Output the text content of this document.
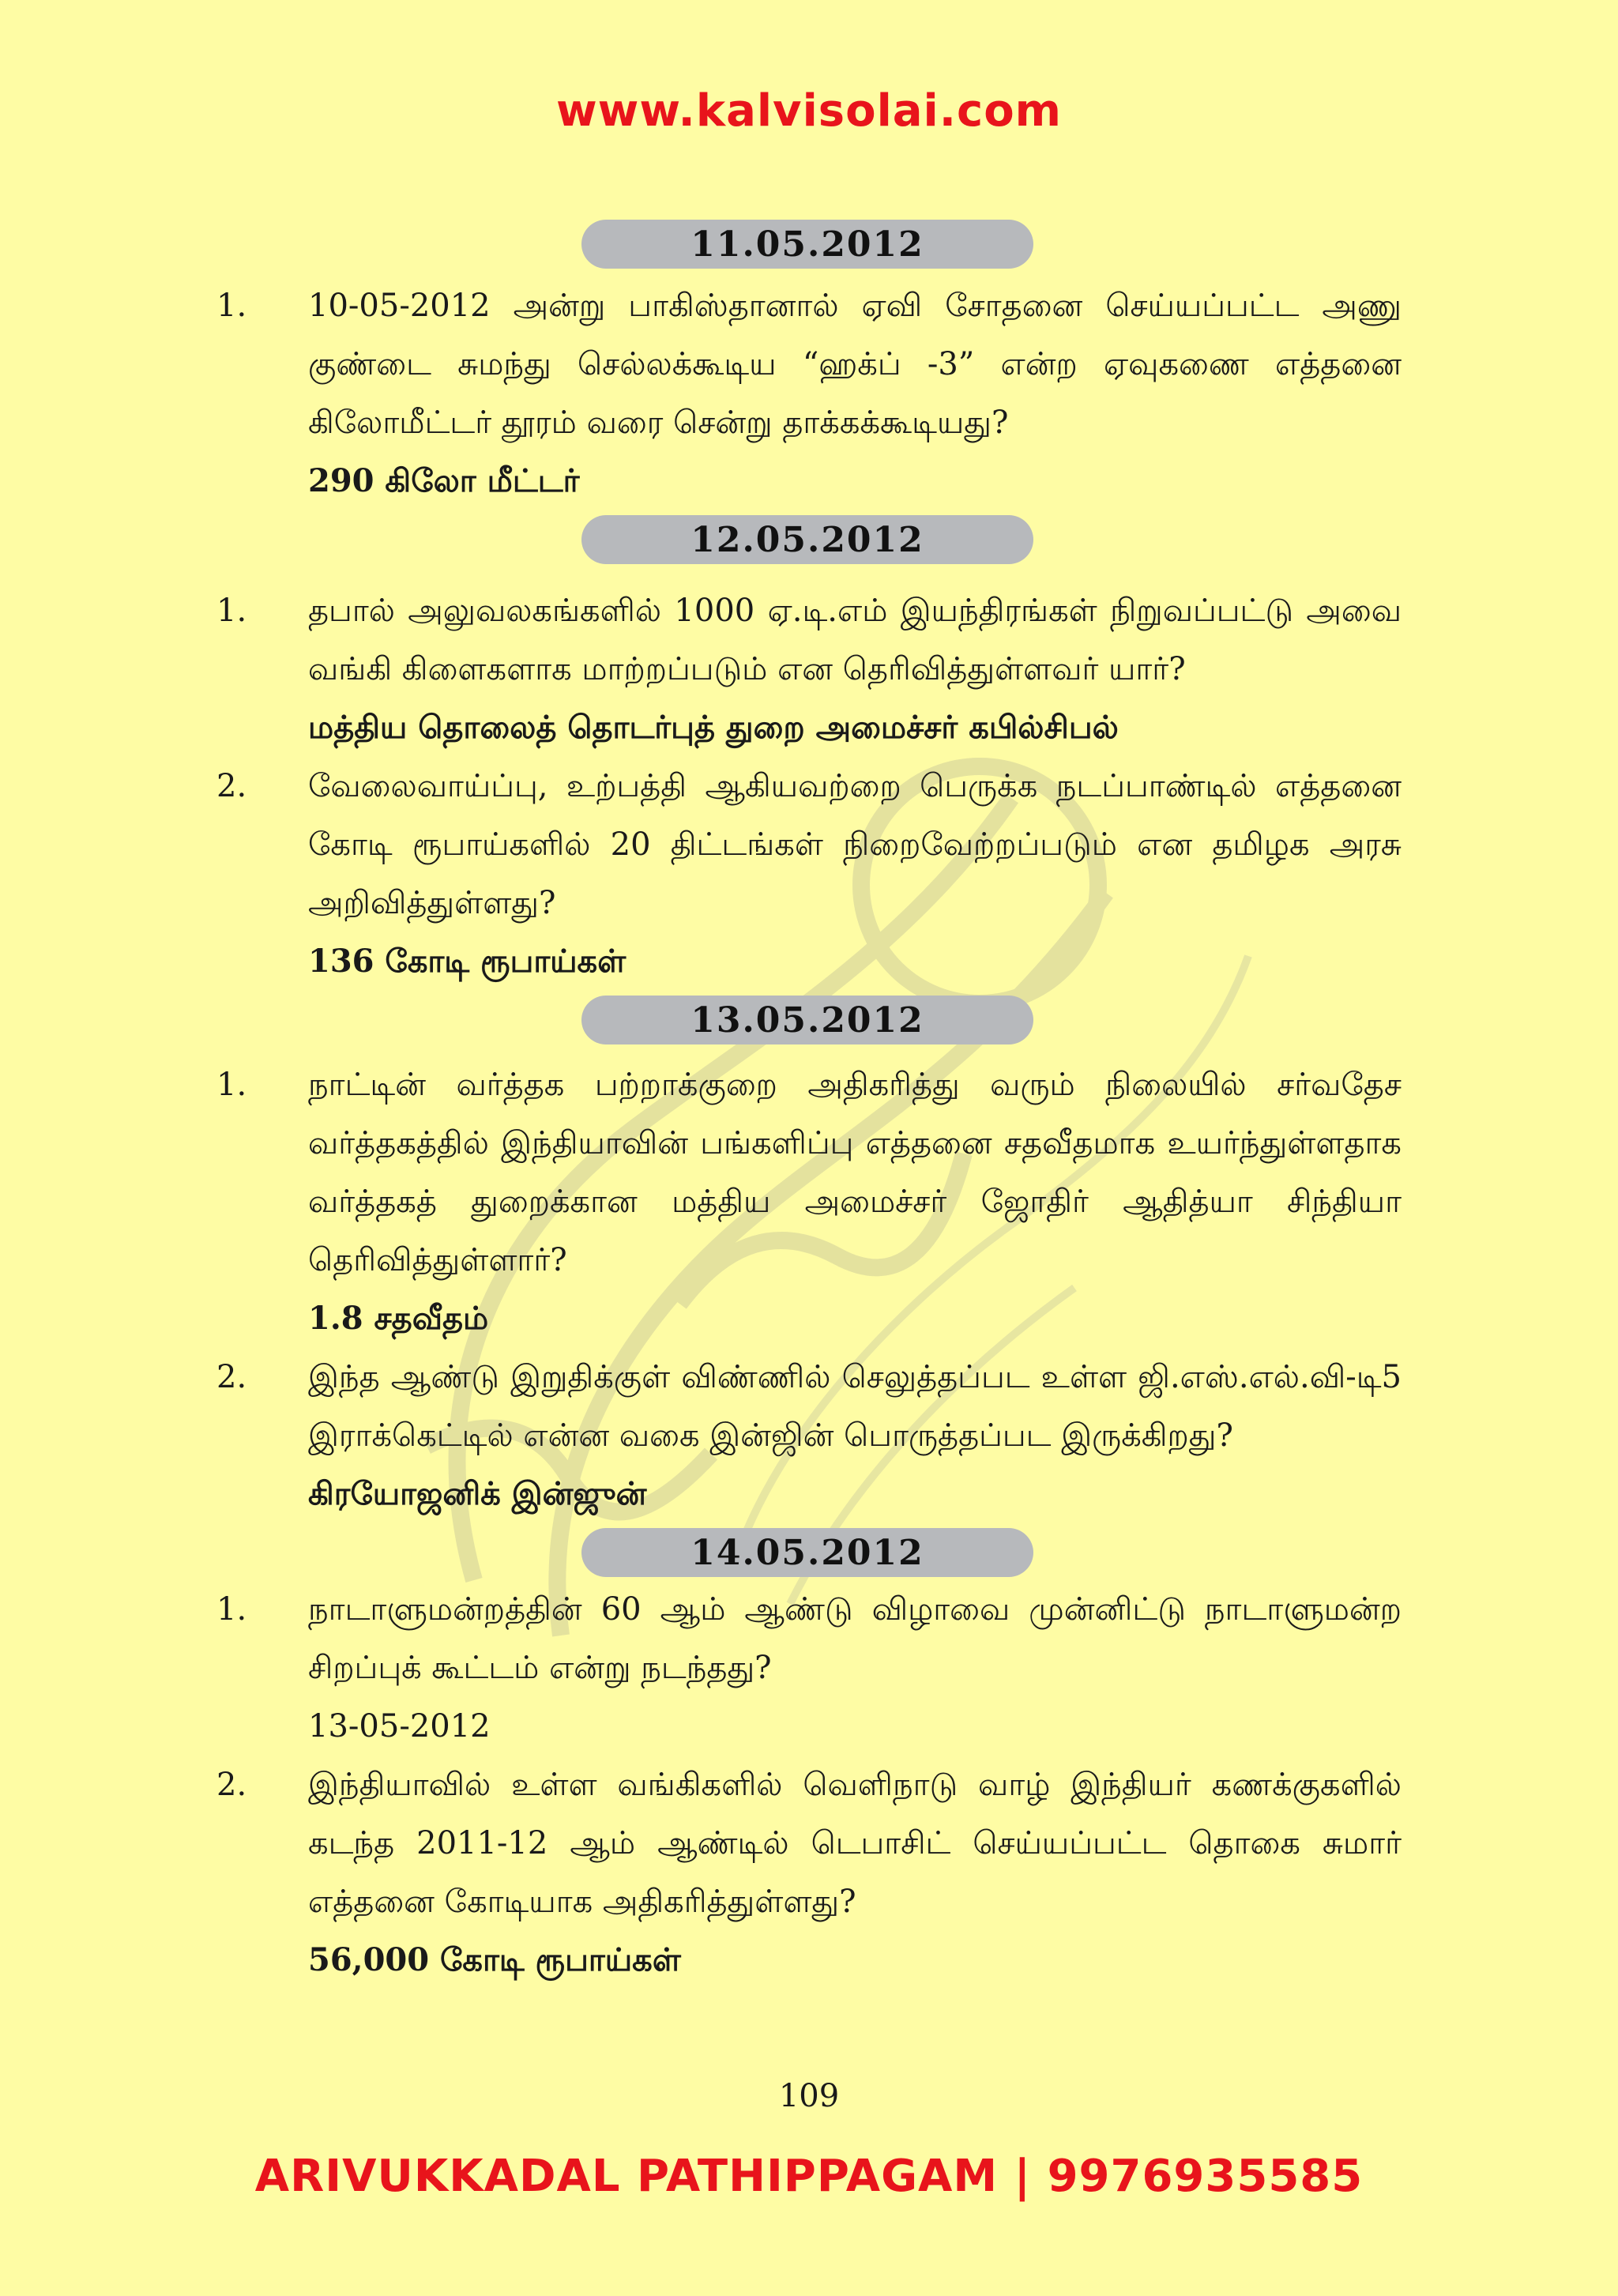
www.kalvisolai.com
11.05.2012
1.	10-05-2012 அன்று பாகிஸ்தானால் ஏவி சோதனை செய்யப்பட்ட அணு குண்டை சுமந்து செல்லக்கூடிய “ஹக்ப் -3” என்ற ஏவுகணை எத்தனை கிலோமீட்டர் தூரம் வரை சென்று தாக்கக்கூடியது?
290 கிலோ மீட்டர்
12.05.2012
1.	தபால் அலுவலகங்களில் 1000 ஏ.டி.எம் இயந்திரங்கள் நிறுவப்பட்டு அவை வங்கி கிளைகளாக மாற்றப்படும் என தெரிவித்துள்ளவர் யார்?
மத்திய தொலைத் தொடர்புத் துறை அமைச்சர் கபில்சிபல்
2.	வேலைவாய்ப்பு, உற்பத்தி ஆகியவற்றை பெருக்க நடப்பாண்டில் எத்தனை கோடி ரூபாய்களில் 20 திட்டங்கள் நிறைவேற்றப்படும் என தமிழக அரசு அறிவித்துள்ளது?
136 கோடி ரூபாய்கள்
13.05.2012
1.	நாட்டின் வர்த்தக பற்றாக்குறை அதிகரித்து வரும் நிலையில் சர்வதேச வர்த்தகத்தில் இந்தியாவின் பங்களிப்பு எத்தனை சதவீதமாக உயர்ந்துள்ளதாக வர்த்தகத் துறைக்கான மத்திய அமைச்சர் ஜோதிர் ஆதித்யா சிந்தியா தெரிவித்துள்ளார்?
1.8 சதவீதம்
2.	இந்த ஆண்டு இறுதிக்குள் விண்ணில் செலுத்தப்பட உள்ள ஜி.எஸ்.எல்.வி-டி5 இராக்கெட்டில் என்ன வகை இன்ஜின் பொருத்தப்பட இருக்கிறது?
கிரயோஜனிக் இன்ஜுன்
14.05.2012
1.	நாடாளுமன்றத்தின் 60 ஆம் ஆண்டு விழாவை முன்னிட்டு நாடாளுமன்ற சிறப்புக் கூட்டம் என்று நடந்தது?
13-05-2012
2.	இந்தியாவில் உள்ள வங்கிகளில் வெளிநாடு வாழ் இந்தியர் கணக்குகளில் கடந்த 2011-12 ஆம் ஆண்டில் டெபாசிட் செய்யப்பட்ட தொகை சுமார் எத்தனை கோடியாக அதிகரித்துள்ளது?
56,000 கோடி ரூபாய்கள்
109
ARIVUKKADAL PATHIPPAGAM | 9976935585
